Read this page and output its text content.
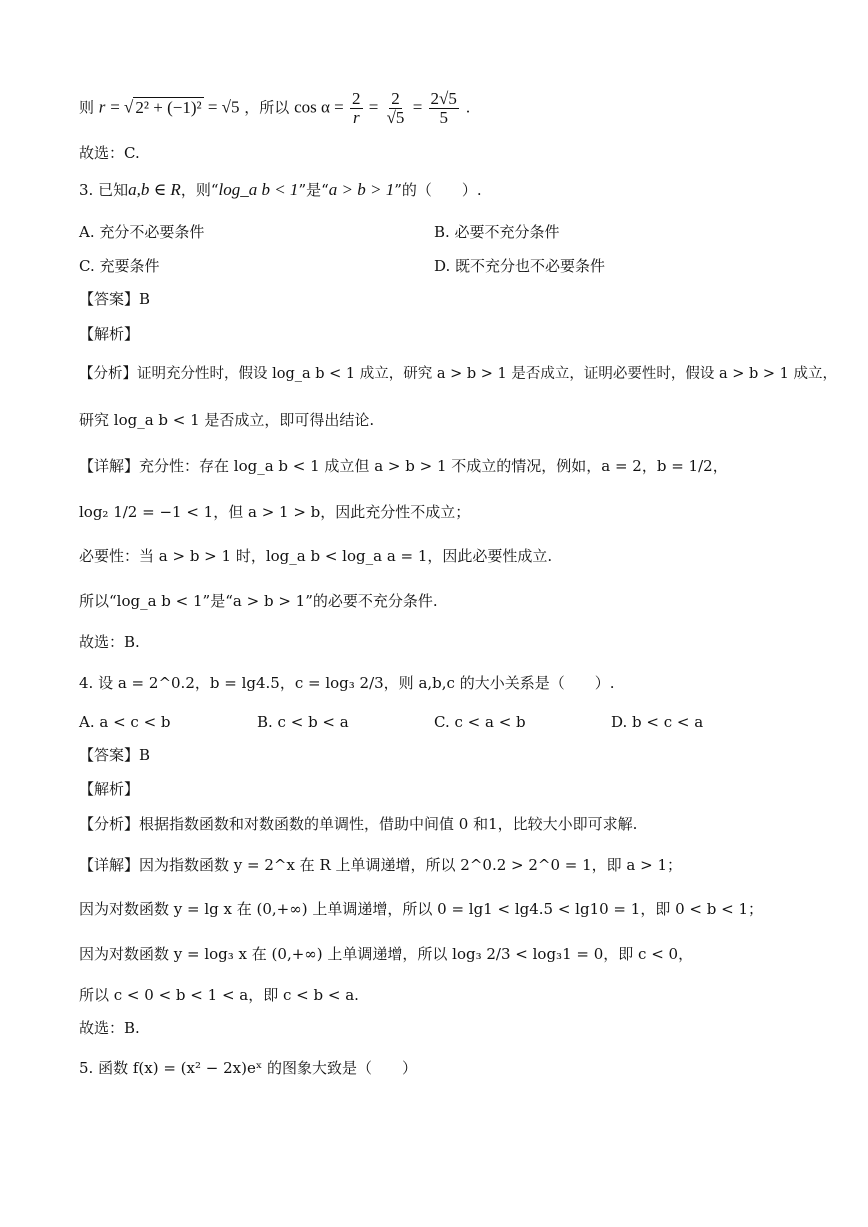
则 r = √ 2² + (−1)² = √5 ，所以 $\cos \alpha = \frac{2}{r} = \frac{2}{√5} = \frac{2√5}{5}$ .
故选：C.
3. 已知a,b ∈ R，则“log_a b < 1”是“a > b > 1”的（　　）.
A. 充分不必要条件	B. 必要不充分条件
C. 充要条件	D. 既不充分也不必要条件
【答案】B
【解析】
【分析】证明充分性时，假设 log_a b < 1 成立，研究 a > b > 1 是否成立，证明必要性时，假设 a > b > 1 成立，
研究 log_a b < 1 是否成立，即可得出结论.
【详解】充分性：存在 log_a b < 1 成立但 a > b > 1 不成立的情况，例如，a = 2，b = 1/2，
log₂ 1/2 = −1 < 1，但 a > 1 > b，因此充分性不成立；
必要性：当 a > b > 1 时，log_a b < log_a a = 1，因此必要性成立.
所以“log_a b < 1”是“a > b > 1”的必要不充分条件.
故选：B.
4. 设 a = 2^0.2，b = lg4.5，c = log₃ 2/3，则 a,b,c 的大小关系是（　　）.
A. a < c < b	B. c < b < a	C. c < a < b	D. b < c < a
【答案】B
【解析】
【分析】根据指数函数和对数函数的单调性，借助中间值 0 和1，比较大小即可求解.
【详解】因为指数函数 y = 2^x 在 R 上单调递增，所以 2^0.2 > 2^0 = 1，即 a > 1；
因为对数函数 y = lg x 在 (0,+∞) 上单调递增，所以 0 = lg1 < lg4.5 < lg10 = 1，即 0 < b < 1；
因为对数函数 y = log₃ x 在 (0,+∞) 上单调递增，所以 log₃ 2/3 < log₃1 = 0，即 c < 0，
所以 c < 0 < b < 1 < a，即 c < b < a.
故选：B.
5. 函数 f(x) = (x² − 2x)eˣ 的图象大致是（　　）
